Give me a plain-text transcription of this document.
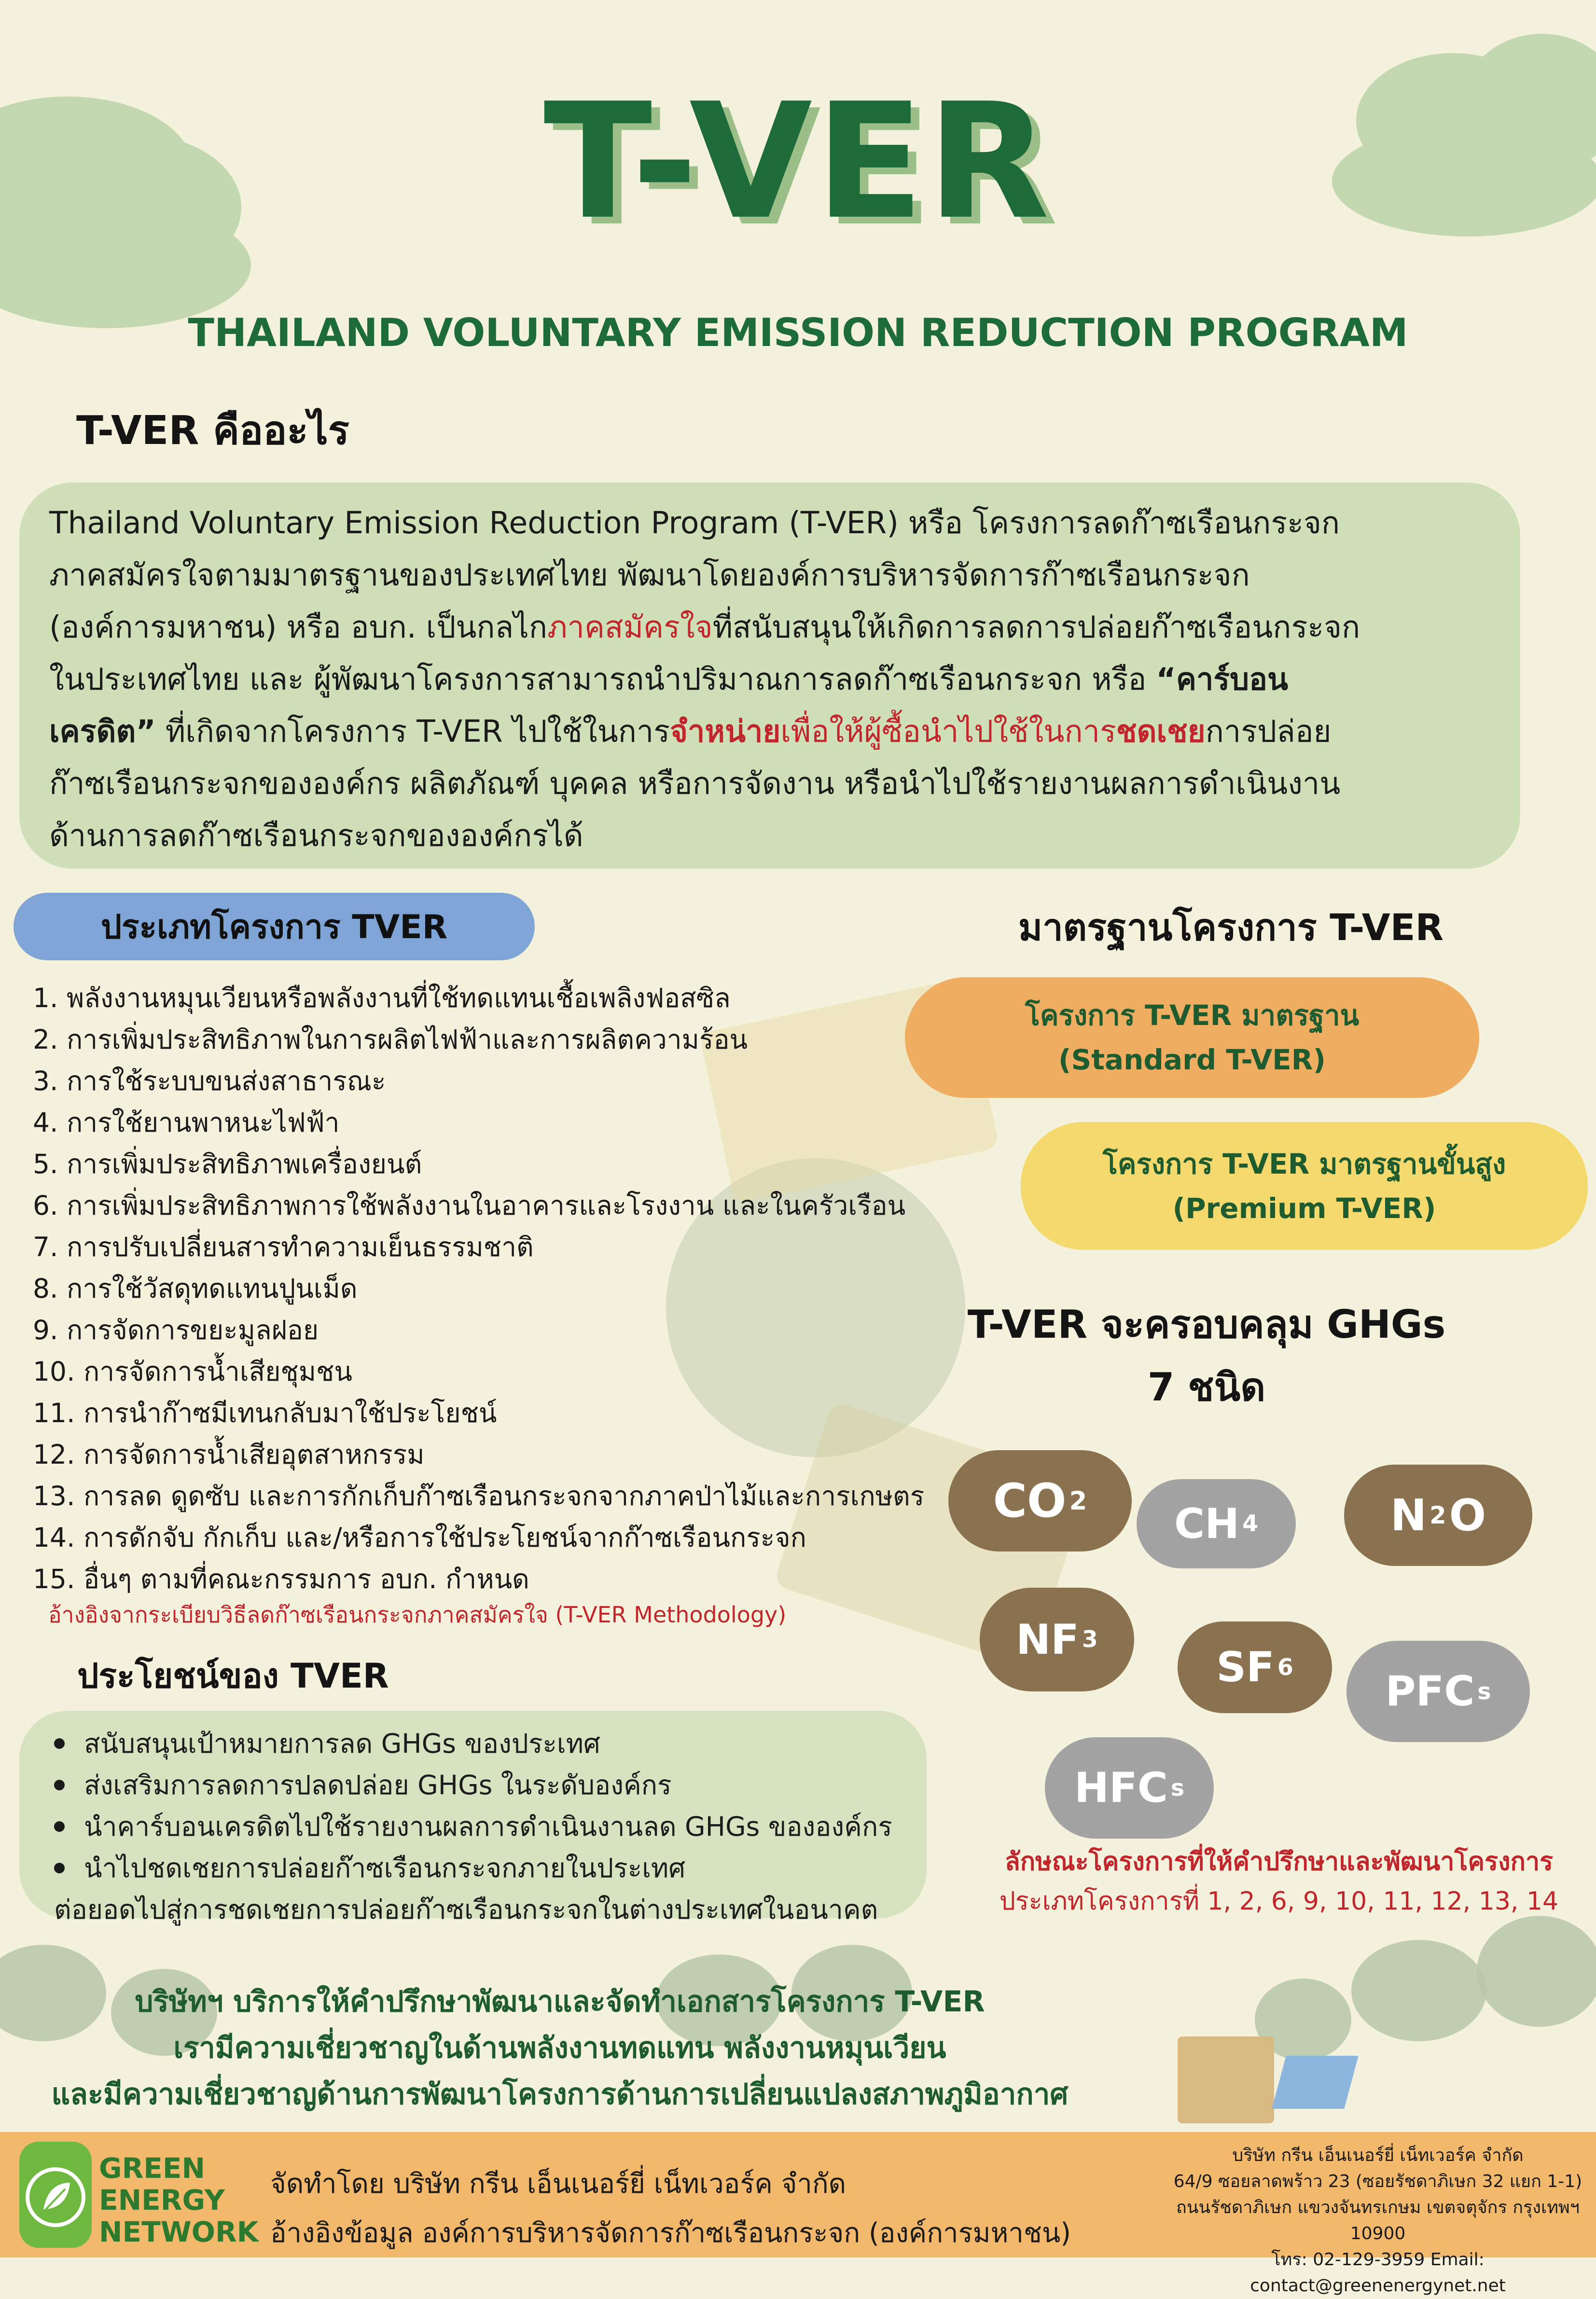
T-VER
THAILAND VOLUNTARY EMISSION REDUCTION PROGRAM
T-VER คืออะไร
Thailand Voluntary Emission Reduction Program (T-VER) หรือ โครงการลดก๊าซเรือนกระจก
ภาคสมัครใจตามมาตรฐานของประเทศไทย พัฒนาโดยองค์การบริหารจัดการก๊าซเรือนกระจก
(องค์การมหาชน) หรือ อบก. เป็นกลไกภาคสมัครใจที่สนับสนุนให้เกิดการลดการปล่อยก๊าซเรือนกระจก
ในประเทศไทย และ ผู้พัฒนาโครงการสามารถนำปริมาณการลดก๊าซเรือนกระจก หรือ “คาร์บอน
เครดิต” ที่เกิดจากโครงการ T-VER ไปใช้ในการจำหน่ายเพื่อให้ผู้ซื้อนำไปใช้ในการชดเชยการปล่อย
ก๊าซเรือนกระจกขององค์กร ผลิตภัณฑ์ บุคคล หรือการจัดงาน หรือนำไปใช้รายงานผลการดำเนินงาน
ด้านการลดก๊าซเรือนกระจกขององค์กรได้
ประเภทโครงการ TVER
1. พลังงานหมุนเวียนหรือพลังงานที่ใช้ทดแทนเชื้อเพลิงฟอสซิล
2. การเพิ่มประสิทธิภาพในการผลิตไฟฟ้าและการผลิตความร้อน
3. การใช้ระบบขนส่งสาธารณะ
4. การใช้ยานพาหนะไฟฟ้า
5. การเพิ่มประสิทธิภาพเครื่องยนต์
6. การเพิ่มประสิทธิภาพการใช้พลังงานในอาคารและโรงงาน และในครัวเรือน
7. การปรับเปลี่ยนสารทำความเย็นธรรมชาติ
8. การใช้วัสดุทดแทนปูนเม็ด
9. การจัดการขยะมูลฝอย
10. การจัดการน้ำเสียชุมชน
11. การนำก๊าซมีเทนกลับมาใช้ประโยชน์
12. การจัดการน้ำเสียอุตสาหกรรม
13. การลด ดูดซับ และการกักเก็บก๊าซเรือนกระจกจากภาคป่าไม้และการเกษตร
14. การดักจับ กักเก็บ และ/หรือการใช้ประโยชน์จากก๊าซเรือนกระจก
15. อื่นๆ ตามที่คณะกรรมการ อบก. กำหนด
อ้างอิงจากระเบียบวิธีลดก๊าซเรือนกระจกภาคสมัครใจ (T-VER Methodology)
ประโยชน์ของ TVER
สนับสนุนเป้าหมายการลด GHGs ของประเทศ
ส่งเสริมการลดการปลดปล่อย GHGs ในระดับองค์กร
นำคาร์บอนเครดิตไปใช้รายงานผลการดำเนินงานลด GHGs ขององค์กร
นำไปชดเชยการปล่อยก๊าซเรือนกระจกภายในประเทศ
ต่อยอดไปสู่การชดเชยการปล่อยก๊าซเรือนกระจกในต่างประเทศในอนาคต
มาตรฐานโครงการ T-VER
โครงการ T-VER มาตรฐาน
(Standard T-VER)
โครงการ T-VER มาตรฐานขั้นสูง
(Premium T-VER)
T-VER จะครอบคลุม GHGs
7 ชนิด
CO 2 CH 4	N 2 O
NF 3
SF 6 PFC s
HFC s
ลักษณะโครงการที่ให้คำปรึกษาและพัฒนาโครงการ
ประเภทโครงการที่ 1, 2, 6, 9, 10, 11, 12, 13, 14
บริษัทฯ บริการให้คำปรึกษาพัฒนาและจัดทำเอกสารโครงการ T-VER
เรามีความเชี่ยวชาญในด้านพลังงานทดแทน พลังงานหมุนเวียน
และมีความเชี่ยวชาญด้านการพัฒนาโครงการด้านการเปลี่ยนแปลงสภาพภูมิอากาศ
GREEN
ENERGY
NETWORK
จัดทำโดย บริษัท กรีน เอ็นเนอร์ยี่ เน็ทเวอร์ค จำกัด
อ้างอิงข้อมูล องค์การบริหารจัดการก๊าซเรือนกระจก (องค์การมหาชน)
บริษัท กรีน เอ็นเนอร์ยี่ เน็ทเวอร์ค จำกัด
64/9 ซอยลาดพร้าว 23 (ซอยรัชดาภิเษก 32 แยก 1-1)
ถนนรัชดาภิเษก แขวงจันทรเกษม เขตจตุจักร กรุงเทพฯ 10900
โทร: 02-129-3959 Email: contact@greenenergynet.net
